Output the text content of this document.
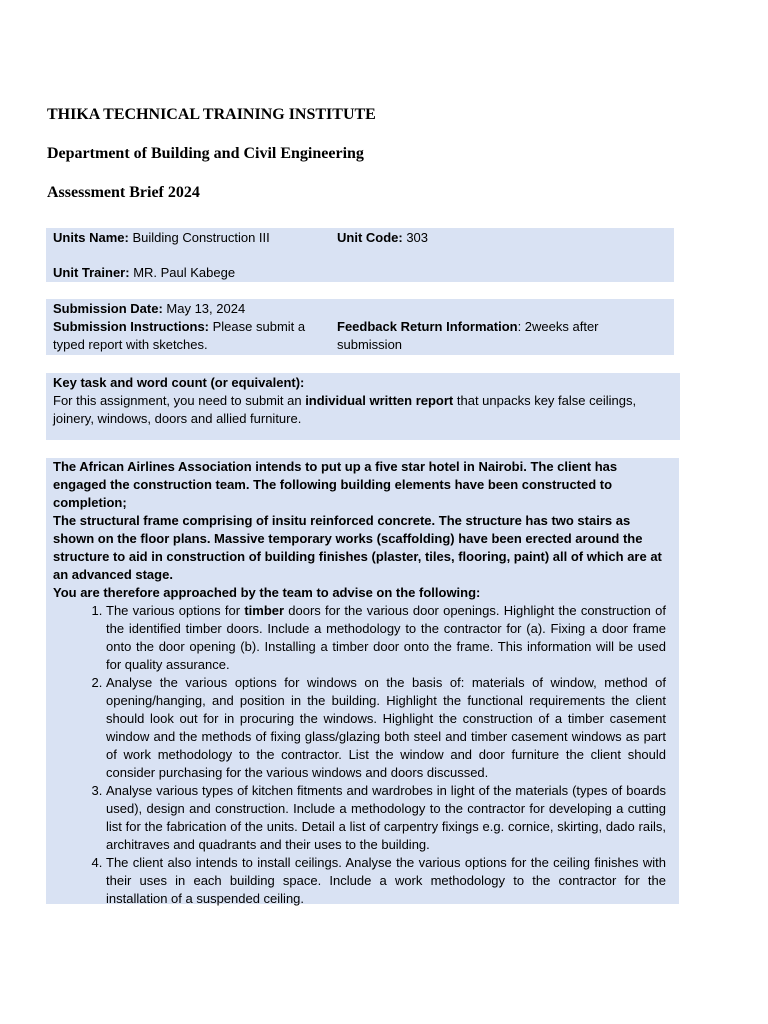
THIKA TECHNICAL TRAINING INSTITUTE
Department of Building and Civil Engineering
Assessment Brief 2024
Units Name: Building Construction III	Unit Code: 303
Unit Trainer: MR. Paul Kabege
Submission Date: May 13, 2024
Submission Instructions: Please submit a typed report with sketches.
Feedback Return Information: 2weeks after submission

Key task and word count (or equivalent):

For this assignment, you need to submit an individual written report that unpacks key false ceilings, joinery, windows, doors and allied furniture.

The African Airlines Association intends to put up a five star hotel in Nairobi. The client has engaged the construction team. The following building elements have been constructed to completion;

The structural frame comprising of insitu reinforced concrete. The structure has two stairs as shown on the floor plans. Massive temporary works (scaffolding) have been erected around the structure to aid in construction of building finishes (plaster, tiles, flooring, paint) all of which are at an advanced stage.

You are therefore approached by the team to advise on the following:

1. The various options for timber doors for the various door openings. Highlight the construction of the identified timber doors. Include a methodology to the contractor for (a). Fixing a door frame onto the door opening (b). Installing a timber door onto the frame. This information will be used for quality assurance.
2. Analyse the various options for windows on the basis of: materials of window, method of opening/hanging, and position in the building. Highlight the functional requirements the client should look out for in procuring the windows. Highlight the construction of a timber casement window and the methods of fixing glass/glazing both steel and timber casement windows as part of work methodology to the contractor. List the window and door furniture the client should consider purchasing for the various windows and doors discussed.
3. Analyse various types of kitchen fitments and wardrobes in light of the materials (types of boards used), design and construction. Include a methodology to the contractor for developing a cutting list for the fabrication of the units. Detail a list of carpentry fixings e.g. cornice, skirting, dado rails, architraves and quadrants and their uses to the building.
4. The client also intends to install ceilings. Analyse the various options for the ceiling finishes with their uses in each building space. Include a work methodology to the contractor for the installation of a suspended ceiling.
